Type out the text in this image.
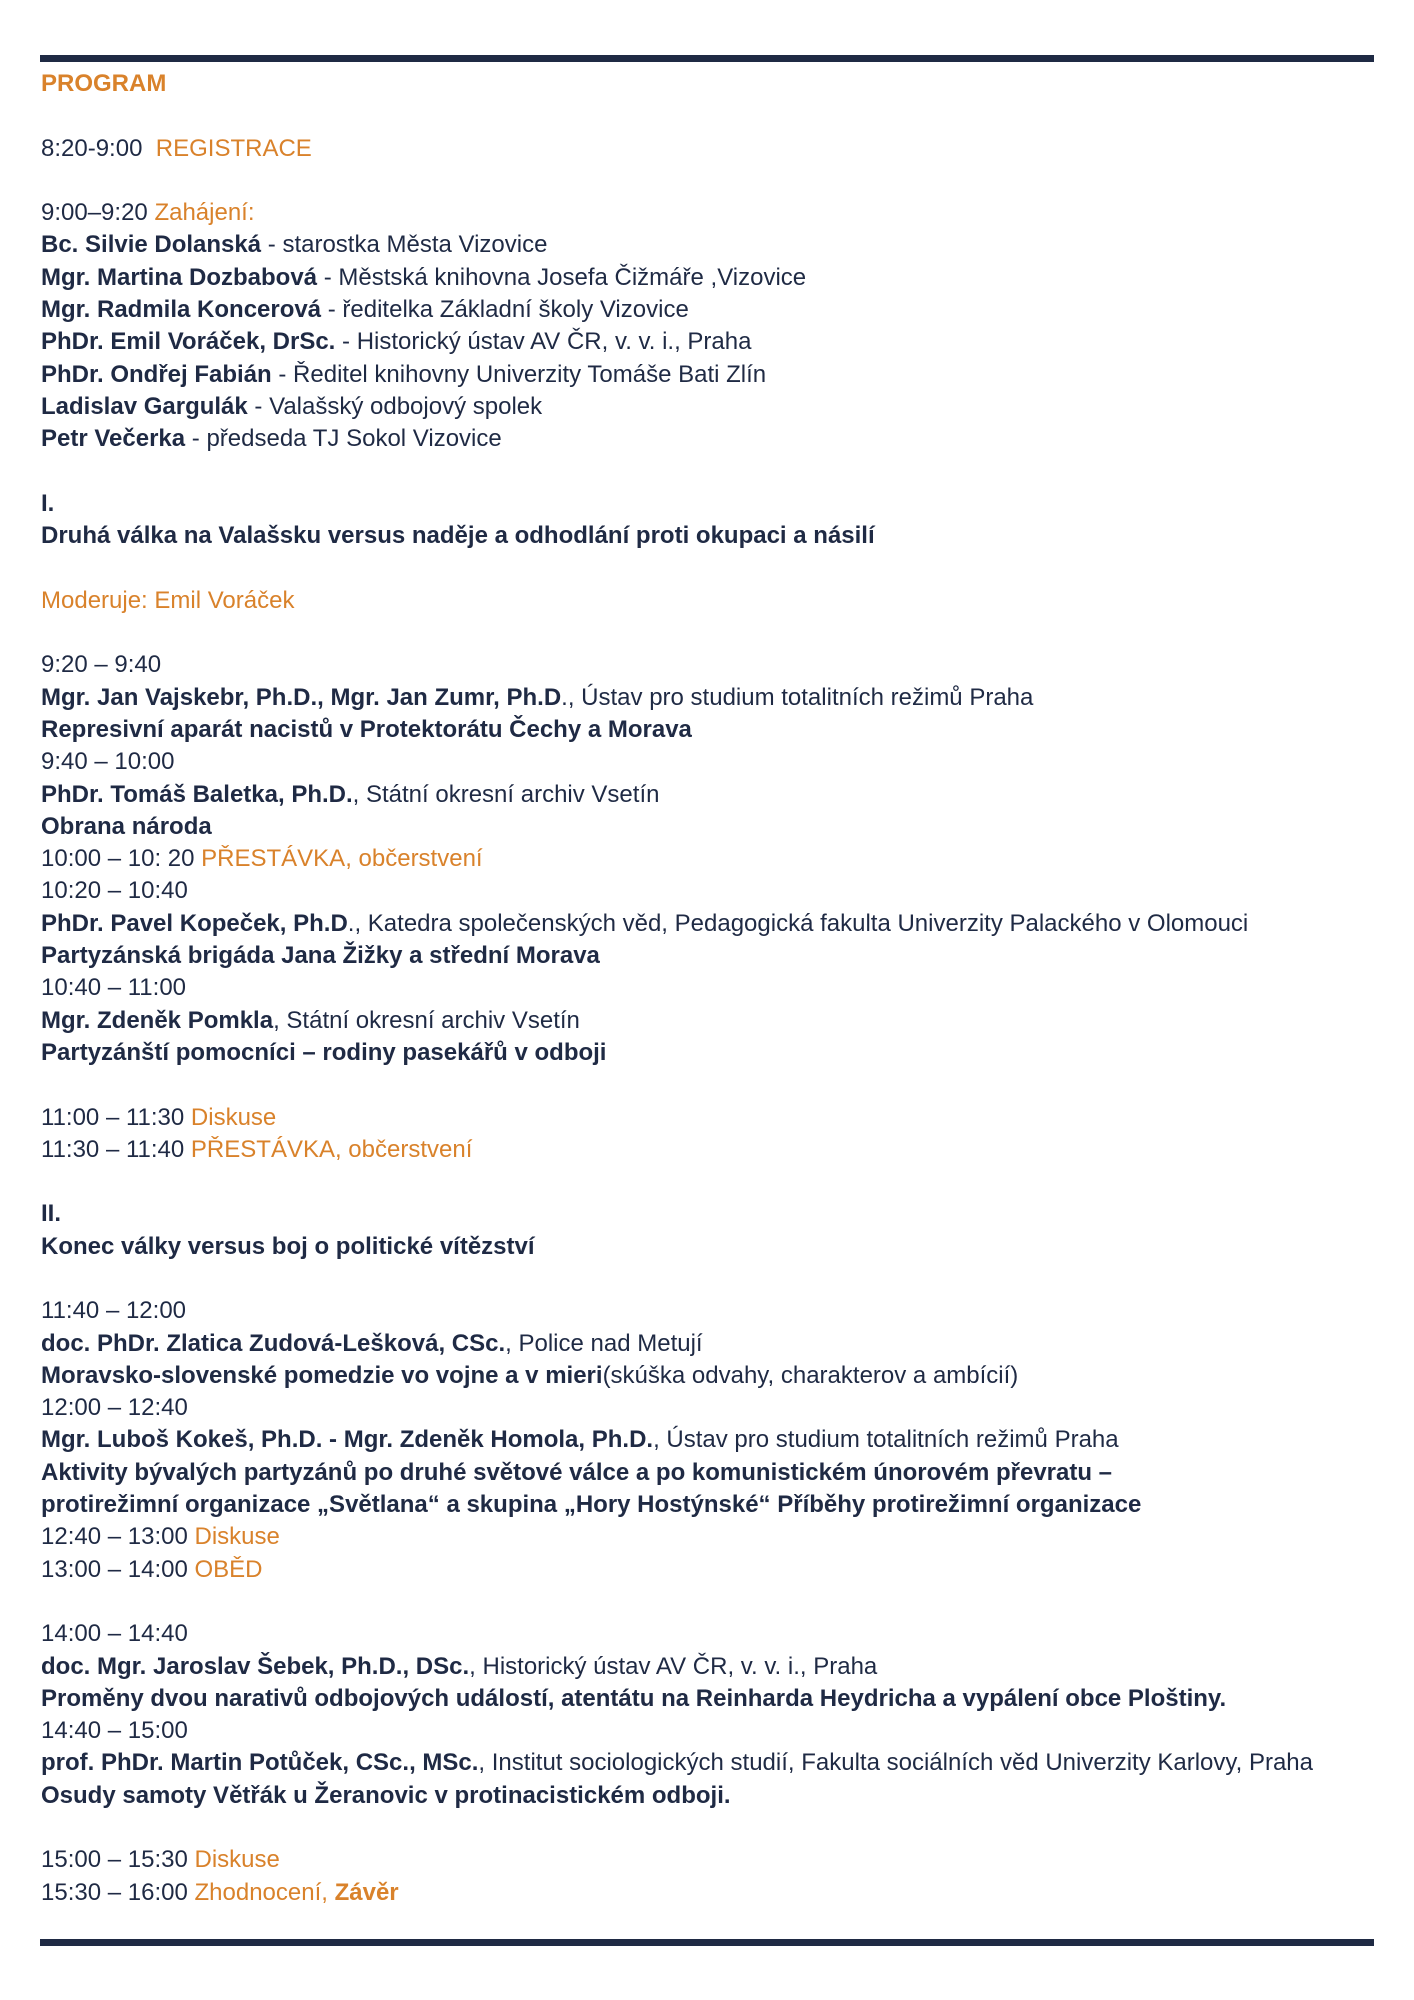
PROGRAM
8:20-9:00 REGISTRACE
9:00–9:20 Zahájení:
Bc. Silvie Dolanská - starostka Města Vizovice
Mgr. Martina Dozbabová - Městská knihovna Josefa Čižmáře ,Vizovice
Mgr. Radmila Koncerová - ředitelka Základní školy Vizovice
PhDr. Emil Voráček, DrSc. - Historický ústav AV ČR, v. v. i., Praha
PhDr. Ondřej Fabián - Ředitel knihovny Univerzity Tomáše Bati Zlín
Ladislav Gargulák - Valašský odbojový spolek
Petr Večerka - předseda TJ Sokol Vizovice
I.
Druhá válka na Valašsku versus naděje a odhodlání proti okupaci a násilí
Moderuje: Emil Voráček
9:20 – 9:40
Mgr. Jan Vajskebr, Ph.D., Mgr. Jan Zumr, Ph.D., Ústav pro studium totalitních režimů Praha
Represivní aparát nacistů v Protektorátu Čechy a Morava
9:40 – 10:00
PhDr. Tomáš Baletka, Ph.D., Státní okresní archiv Vsetín
Obrana národa
10:00 – 10: 20 PŘESTÁVKA, občerstvení
10:20 – 10:40
PhDr. Pavel Kopeček, Ph.D., Katedra společenských věd, Pedagogická fakulta Univerzity Palackého v Olomouci
Partyzánská brigáda Jana Žižky a střední Morava
10:40 – 11:00
Mgr. Zdeněk Pomkla, Státní okresní archiv Vsetín
Partyzánští pomocníci – rodiny pasekářů v odboji
11:00 – 11:30 Diskuse
11:30 – 11:40 PŘESTÁVKA, občerstvení
II.
Konec války versus boj o politické vítězství
11:40 – 12:00
doc. PhDr. Zlatica Zudová-Lešková, CSc., Police nad Metují
Moravsko-slovenské pomedzie vo vojne a v mieri(skúška odvahy, charakterov a ambícií)
12:00 – 12:40
Mgr. Luboš Kokeš, Ph.D. - Mgr. Zdeněk Homola, Ph.D., Ústav pro studium totalitních režimů Praha
Aktivity bývalých partyzánů po druhé světové válce a po komunistickém únorovém převratu –
protirežimní organizace „Světlana“ a skupina „Hory Hostýnské“ Příběhy protirežimní organizace
12:40 – 13:00 Diskuse
13:00 – 14:00 OBĚD
14:00 – 14:40
doc. Mgr. Jaroslav Šebek, Ph.D., DSc., Historický ústav AV ČR, v. v. i., Praha
Proměny dvou narativů odbojových událostí, atentátu na Reinharda Heydricha a vypálení obce Ploštiny.
14:40 – 15:00
prof. PhDr. Martin Potůček, CSc., MSc., Institut sociologických studií, Fakulta sociálních věd Univerzity Karlovy, Praha
Osudy samoty Větřák u Žeranovic v protinacistickém odboji.
15:00 – 15:30 Diskuse
15:30 – 16:00 Zhodnocení, Závěr
